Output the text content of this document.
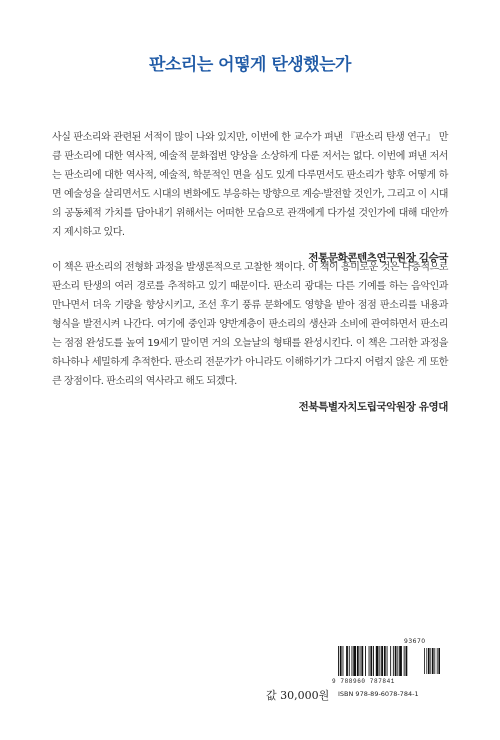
판소리는 어떻게 탄생했는가

사실 판소리와 관련된 서적이 많이 나와 있지만, 이번에 한 교수가 펴낸 『판소리 탄생 연구』 만큼 판소리에 대한 역사적, 예술적 문화접변 양상을 소상하게 다룬 저서는 없다. 이번에 펴낸 저서는 판소리에 대한 역사적, 예술적, 학문적인 면을 심도 있게 다루면서도 판소리가 향후 어떻게 하면 예술성을 살리면서도 시대의 변화에도 부응하는 방향으로 계승·발전할 것인가, 그리고 이 시대의 공동체적 가치를 담아내기 위해서는 어떠한 모습으로 관객에게 다가설 것인가에 대해 대안까지 제시하고 있다.

전통문화콘텐츠연구원장 김승국

이 책은 판소리의 전형화 과정을 발생론적으로 고찰한 책이다. 이 책이 흥미로운 것은 다층적으로 판소리 탄생의 여러 경로를 추적하고 있기 때문이다. 판소리 광대는 다른 기예를 하는 음악인과 만나면서 더욱 기량을 향상시키고, 조선 후기 풍류 문화에도 영향을 받아 점점 판소리를 내용과 형식을 발전시켜 나간다. 여기에 중인과 양반계층이 판소리의 생산과 소비에 관여하면서 판소리는 점점 완성도를 높여 19세기 말이면 거의 오늘날의 형태를 완성시킨다. 이 책은 그러한 과정을 하나하나 세밀하게 추적한다. 판소리 전문가가 아니라도 이해하기가 그다지 어렵지 않은 게 또한 큰 장점이다. 판소리의 역사라고 해도 되겠다.

전북특별자치도립국악원장 유영대
93670
9 788960 787841
ISBN 978-89-6078-784-1
값 30,000원
